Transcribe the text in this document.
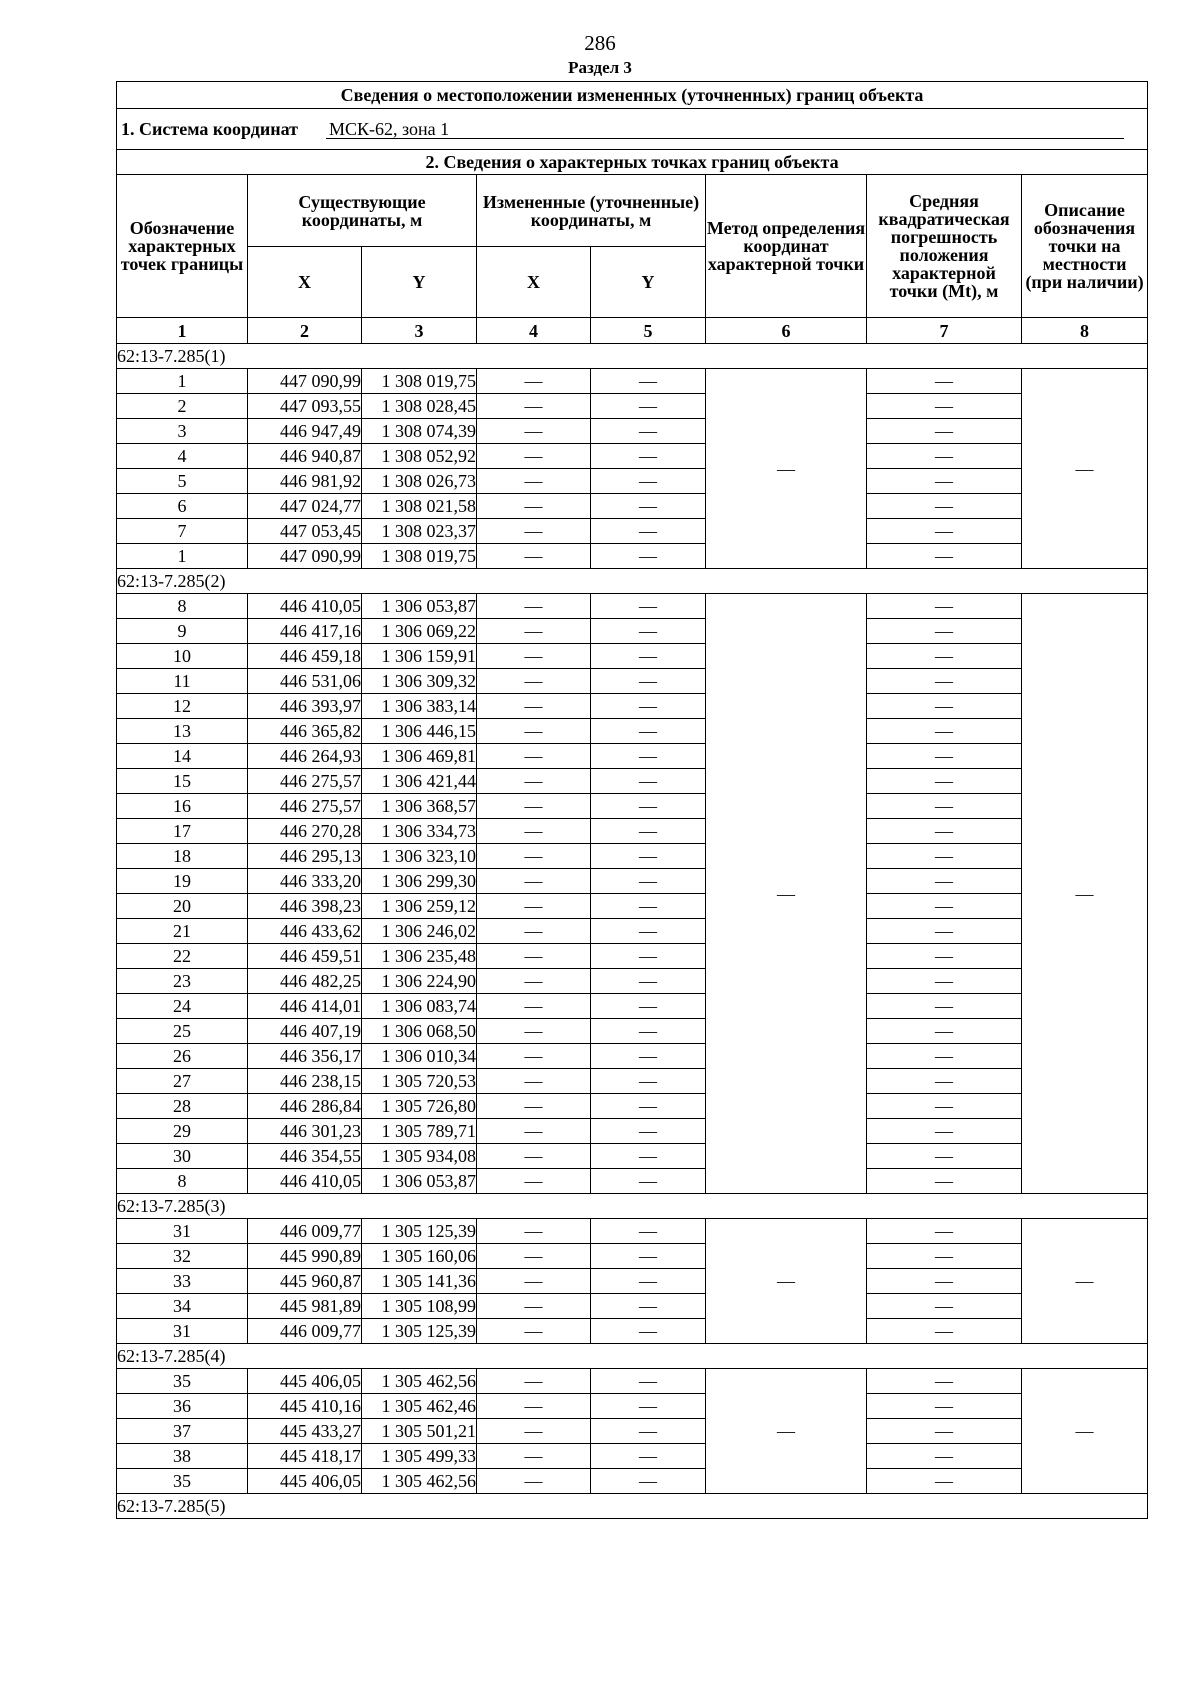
286
Раздел 3
Сведения о местоположении измененных (уточненных) границ объекта							
1. Система координат МСК-62, зона 1							
2. Сведения о характерных точках границ объекта							
Обозначение характерных точек границы	Существующие координаты, м		Измененные (уточненные) координаты, м		Метод определения координат характерной точки	Средняя квадратическая погрешность положения характерной точки (Mt), м	Описание обозначения точки на местности (при наличии)
	X	Y	X	Y			
1	2	3	4	5	6	7	8
62:13-7.285(1)							
1	447 090,99	1 308 019,75	—	—	—	—	—
2	447 093,55	1 308 028,45	—	—		—	
3	446 947,49	1 308 074,39	—	—		—	
4	446 940,87	1 308 052,92	—	—		—	
5	446 981,92	1 308 026,73	—	—		—	
6	447 024,77	1 308 021,58	—	—		—	
7	447 053,45	1 308 023,37	—	—		—	
1	447 090,99	1 308 019,75	—	—		—	
62:13-7.285(2)							
8	446 410,05	1 306 053,87	—	—	—	—	—
9	446 417,16	1 306 069,22	—	—		—	
10	446 459,18	1 306 159,91	—	—		—	
11	446 531,06	1 306 309,32	—	—		—	
12	446 393,97	1 306 383,14	—	—		—	
13	446 365,82	1 306 446,15	—	—		—	
14	446 264,93	1 306 469,81	—	—		—	
15	446 275,57	1 306 421,44	—	—		—	
16	446 275,57	1 306 368,57	—	—		—	
17	446 270,28	1 306 334,73	—	—		—	
18	446 295,13	1 306 323,10	—	—		—	
19	446 333,20	1 306 299,30	—	—		—	
20	446 398,23	1 306 259,12	—	—		—	
21	446 433,62	1 306 246,02	—	—		—	
22	446 459,51	1 306 235,48	—	—		—	
23	446 482,25	1 306 224,90	—	—		—	
24	446 414,01	1 306 083,74	—	—		—	
25	446 407,19	1 306 068,50	—	—		—	
26	446 356,17	1 306 010,34	—	—		—	
27	446 238,15	1 305 720,53	—	—		—	
28	446 286,84	1 305 726,80	—	—		—	
29	446 301,23	1 305 789,71	—	—		—	
30	446 354,55	1 305 934,08	—	—		—	
8	446 410,05	1 306 053,87	—	—		—	
62:13-7.285(3)							
31	446 009,77	1 305 125,39	—	—	—	—	—
32	445 990,89	1 305 160,06	—	—		—	
33	445 960,87	1 305 141,36	—	—		—	
34	445 981,89	1 305 108,99	—	—		—	
31	446 009,77	1 305 125,39	—	—		—	
62:13-7.285(4)							
35	445 406,05	1 305 462,56	—	—	—	—	—
36	445 410,16	1 305 462,46	—	—		—	
37	445 433,27	1 305 501,21	—	—		—	
38	445 418,17	1 305 499,33	—	—		—	
35	445 406,05	1 305 462,56	—	—		—	
62:13-7.285(5)							
